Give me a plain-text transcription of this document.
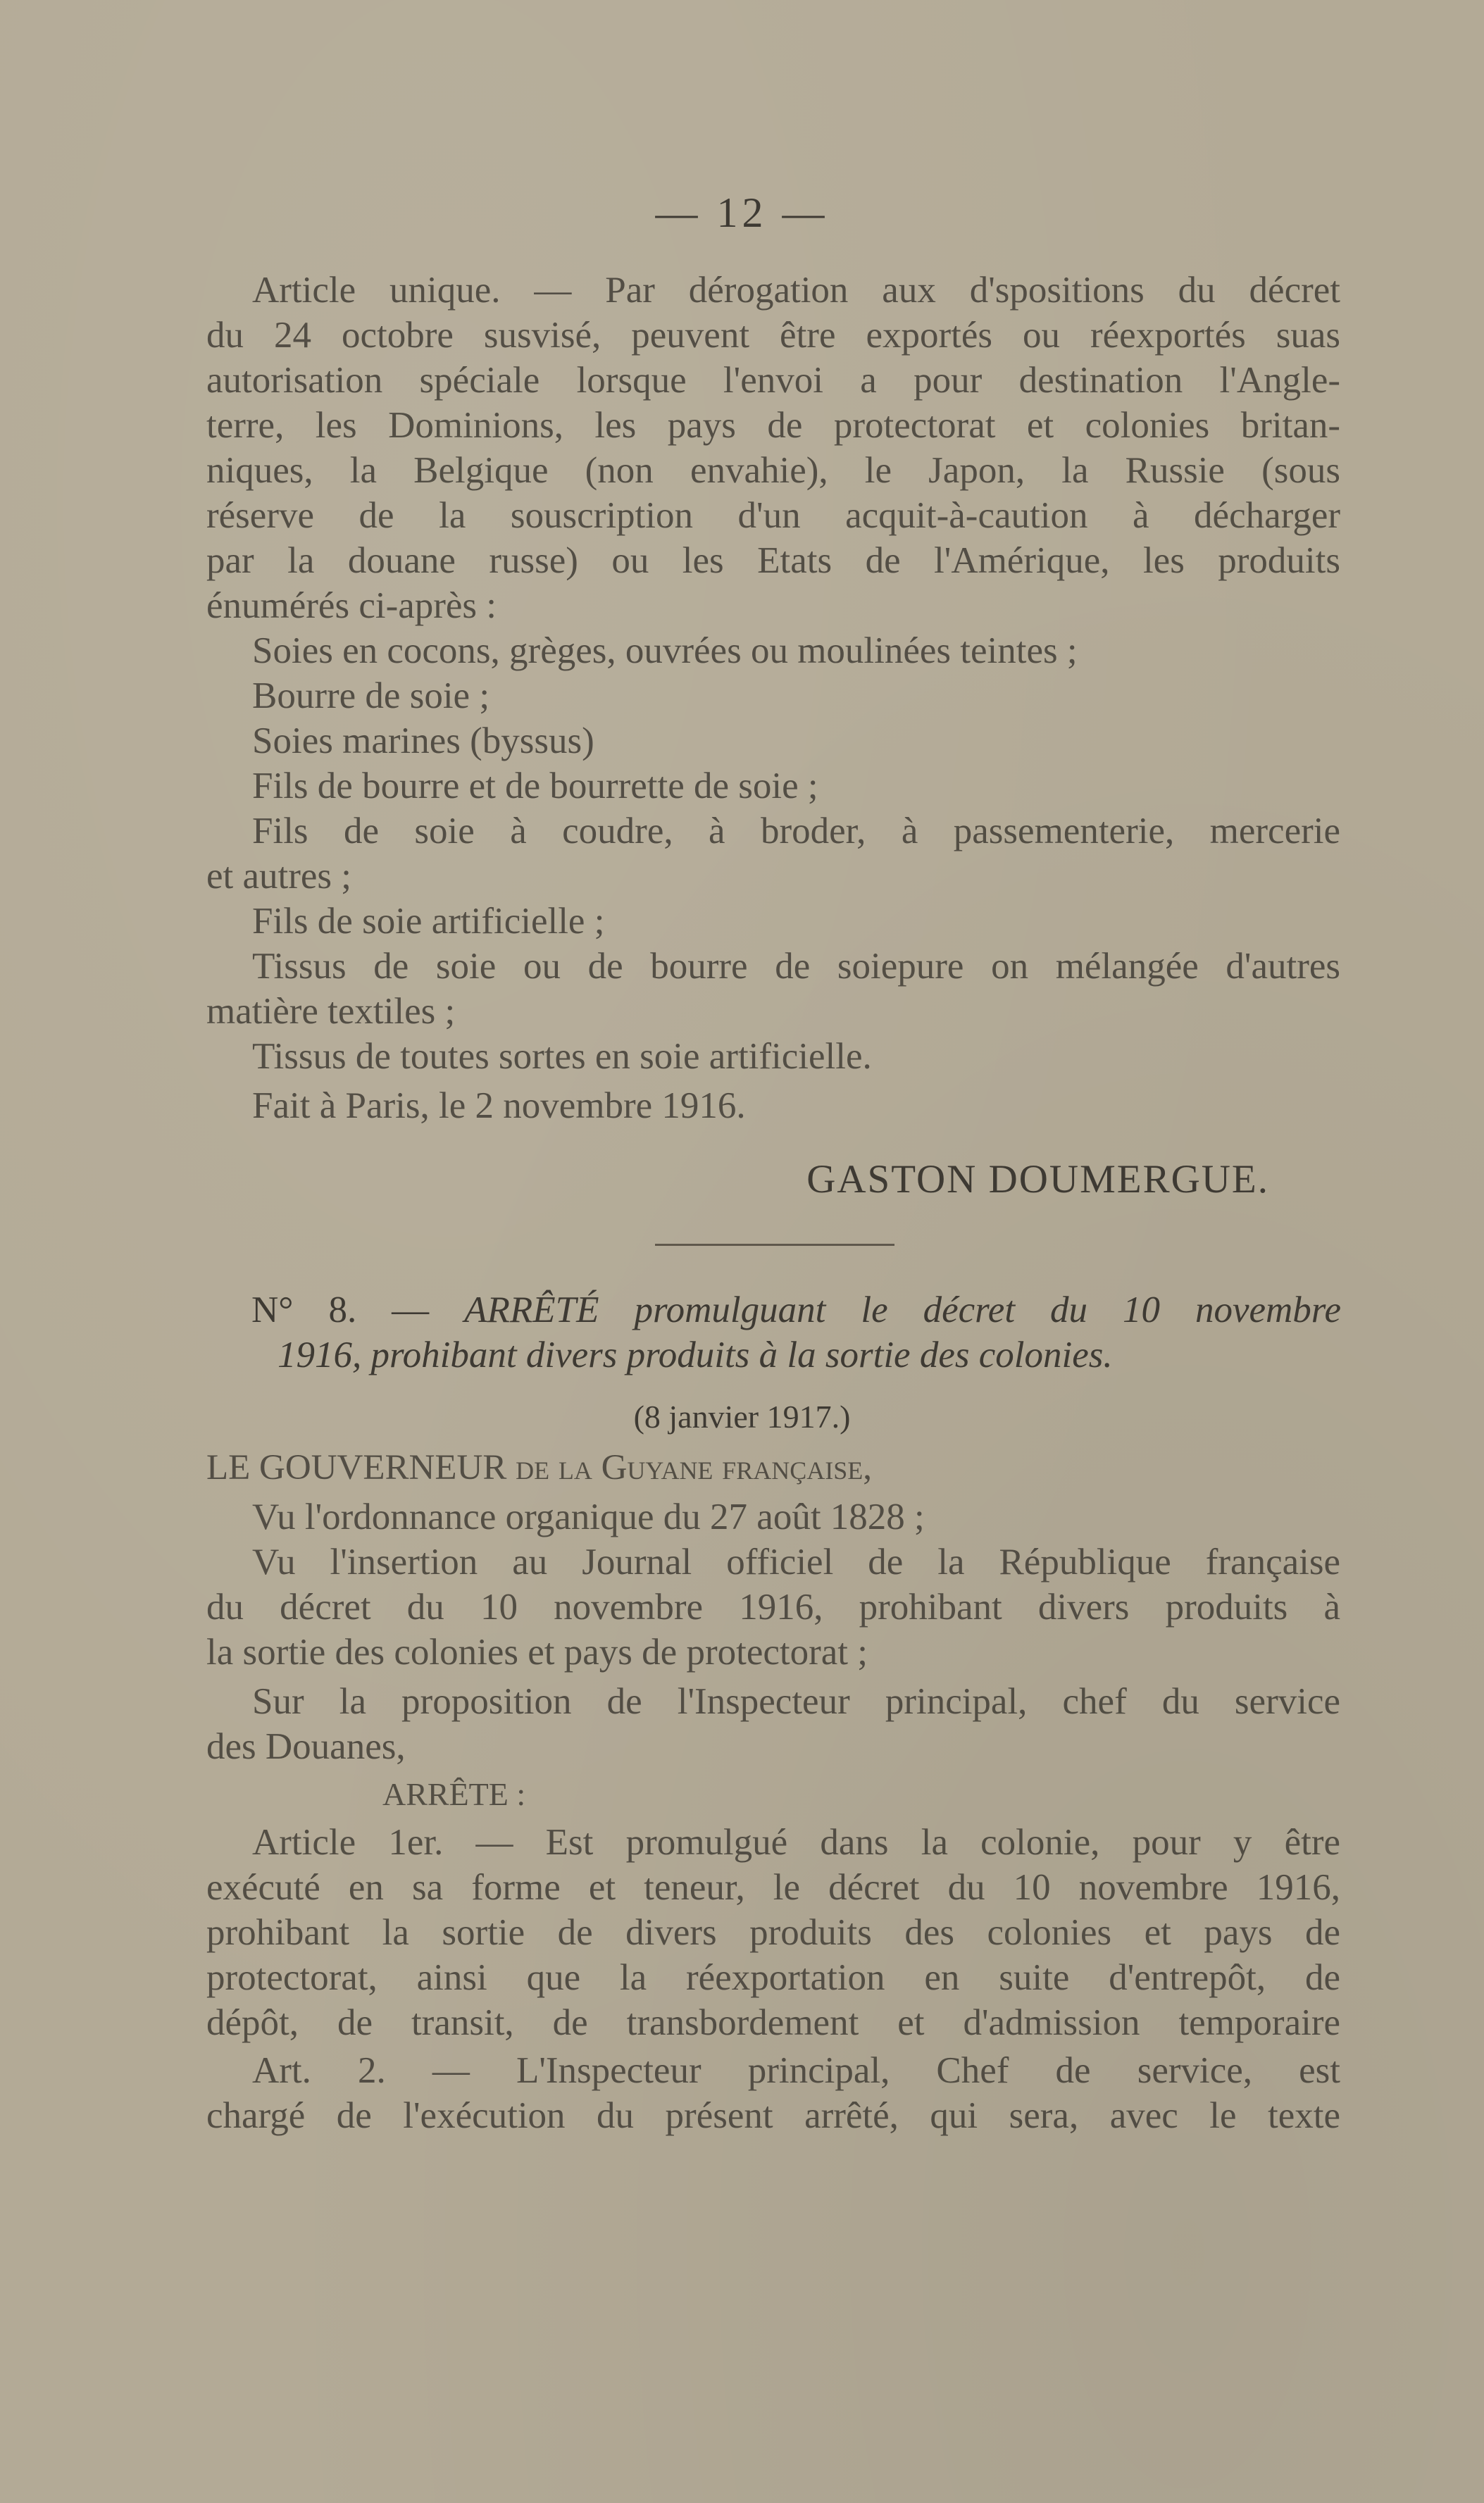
— 12 —
Article unique. — Par dérogation aux d'spositions du décret
du 24 octobre susvisé, peuvent être exportés ou réexportés suas
autorisation spéciale lorsque l'envoi a pour destination l'Angle-
terre, les Dominions, les pays de protectorat et colonies britan-
niques, la Belgique (non envahie), le Japon, la Russie (sous
réserve de la souscription d'un acquit-à-caution à décharger
par la douane russe) ou les Etats de l'Amérique, les produits
énumérés ci-après :
Soies en cocons, grèges, ouvrées ou moulinées teintes ;
Bourre de soie ;
Soies marines (byssus)
Fils de bourre et de bourrette de soie ;
Fils de soie à coudre, à broder, à passementerie, mercerie
et autres ;
Fils de soie artificielle ;
Tissus de soie ou de bourre de soiepure on mélangée d'autres
matière textiles ;
Tissus de toutes sortes en soie artificielle.
Fait à Paris, le 2 novembre 1916.
GASTON DOUMERGUE.
N° 8. — ARRÊTÉ promulguant le décret du 10 novembre
1916, prohibant divers produits à la sortie des colonies.
(8 janvier 1917.)
LE GOUVERNEUR de la Guyane française,
Vu l'ordonnance organique du 27 août 1828 ;
Vu l'insertion au Journal officiel de la République française
du décret du 10 novembre 1916, prohibant divers produits à
la sortie des colonies et pays de protectorat ;
Sur la proposition de l'Inspecteur principal, chef du service
des Douanes,
ARRÊTE :
Article 1er. — Est promulgué dans la colonie, pour y être
exécuté en sa forme et teneur, le décret du 10 novembre 1916,
prohibant la sortie de divers produits des colonies et pays de
protectorat, ainsi que la réexportation en suite d'entrepôt, de
dépôt, de transit, de transbordement et d'admission temporaire
Art. 2. — L'Inspecteur principal, Chef de service, est
chargé de l'exécution du présent arrêté, qui sera, avec le texte
